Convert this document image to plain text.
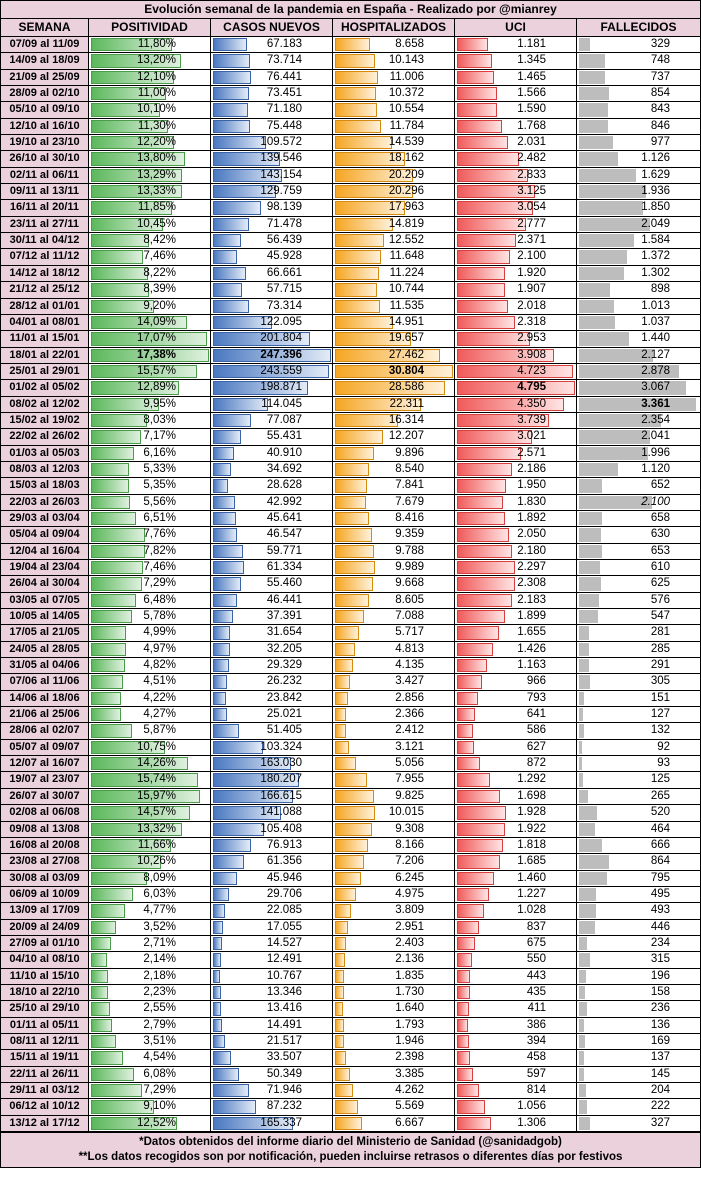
Evolución semanal de la pandemia en España - Realizado por @mianrey
SEMANA	POSITIVIDAD	CASOS NUEVOS	HOSPITALIZADOS	UCI	FALLECIDOS
07/09 al 11/09	11,80%	67.183	8.658	1.181	329
14/09 al 18/09	13,20%	73.714	10.143	1.345	748
21/09 al 25/09	12,10%	76.441	11.006	1.465	737
28/09 al 02/10	11,00%	73.451	10.372	1.566	854
05/10 al 09/10	10,10%	71.180	10.554	1.590	843
12/10 al 16/10	11,30%	75.448	11.784	1.768	846
19/10 al 23/10	12,20%	109.572	14.539	2.031	977
26/10 al 30/10	13,80%	139.546	18.162	2.482	1.126
02/11 al 06/11	13,29%	143.154	20.209	2.833	1.629
09/11 al 13/11	13,33%	129.759	20.296	3.125	1.936
16/11 al 20/11	11,85%	98.139	17.963	3.054	1.850
23/11 al 27/11	10,45%	71.478	14.819	2.777	2.049
30/11 al 04/12	8,42%	56.439	12.552	2.371	1.584
07/12 al 11/12	7,46%	45.928	11.648	2.100	1.372
14/12 al 18/12	8,22%	66.661	11.224	1.920	1.302
21/12 al 25/12	8,39%	57.715	10.744	1.907	898
28/12 al 01/01	9,20%	73.314	11.535	2.018	1.013
04/01 al 08/01	14,09%	122.095	14.951	2.318	1.037
11/01 al 15/01	17,07%	201.804	19.657	2.953	1.440
18/01 al 22/01	17,38%	247.396	27.462	3.908	2.127
25/01 al 29/01	15,57%	243.559	30.804	4.723	2.878
01/02 al 05/02	12,89%	198.871	28.586	4.795	3.067
08/02 al 12/02	9,95%	114.045	22.311	4.350	3.361
15/02 al 19/02	8,03%	77.087	16.314	3.739	2.354
22/02 al 26/02	7,17%	55.431	12.207	3.021	2.041
01/03 al 05/03	6,16%	40.910	9.896	2.571	1.996
08/03 al 12/03	5,33%	34.692	8.540	2.186	1.120
15/03 al 18/03	5,35%	28.628	7.841	1.950	652
22/03 al 26/03	5,56%	42.992	7.679	1.830	2.100
29/03 al 03/04	6,51%	45.641	8.416	1.892	658
05/04 al 09/04	7,76%	46.547	9.359	2.050	630
12/04 al 16/04	7,82%	59.771	9.788	2.180	653
19/04 al 23/04	7,46%	61.334	9.989	2.297	610
26/04 al 30/04	7,29%	55.460	9.668	2.308	625
03/05 al 07/05	6,48%	46.441	8.605	2.183	576
10/05 al 14/05	5,78%	37.391	7.088	1.899	547
17/05 al 21/05	4,99%	31.654	5.717	1.655	281
24/05 al 28/05	4,97%	32.205	4.813	1.426	285
31/05 al 04/06	4,82%	29.329	4.135	1.163	291
07/06 al 11/06	4,51%	26.232	3.427	966	305
14/06 al 18/06	4,22%	23.842	2.856	793	151
21/06 al 25/06	4,27%	25.021	2.366	641	127
28/06 al 02/07	5,87%	51.405	2.412	586	132
05/07 al 09/07	10,75%	103.324	3.121	627	92
12/07 al 16/07	14,26%	163.030	5.056	872	93
19/07 al 23/07	15,74%	180.207	7.955	1.292	125
26/07 al 30/07	15,97%	166.615	9.825	1.698	265
02/08 al 06/08	14,57%	141.088	10.015	1.928	520
09/08 al 13/08	13,32%	105.408	9.308	1.922	464
16/08 al 20/08	11,66%	76.913	8.166	1.818	666
23/08 al 27/08	10,26%	61.356	7.206	1.685	864
30/08 al 03/09	8,09%	45.946	6.245	1.460	795
06/09 al 10/09	6,03%	29.706	4.975	1.227	495
13/09 al 17/09	4,77%	22.085	3.809	1.028	493
20/09 al 24/09	3,52%	17.055	2.951	837	446
27/09 al 01/10	2,71%	14.527	2.403	675	234
04/10 al 08/10	2,14%	12.491	2.136	550	315
11/10 al 15/10	2,18%	10.767	1.835	443	196
18/10 al 22/10	2,23%	13.346	1.730	435	158
25/10 al 29/10	2,55%	13.416	1.640	411	236
01/11 al 05/11	2,79%	14.491	1.793	386	136
08/11 al 12/11	3,51%	21.517	1.946	394	169
15/11 al 19/11	4,54%	33.507	2.398	458	137
22/11 al 26/11	6,08%	50.349	3.385	597	145
29/11 al 03/12	7,29%	71.946	4.262	814	204
06/12 al 10/12	9,10%	87.232	5.569	1.056	222
13/12 al 17/12	12,52%	165.337	6.667	1.306	327
*Datos obtenidos del informe diario del Ministerio de Sanidad (@sanidadgob)
**Los datos recogidos son por notificación, pueden incluirse retrasos o diferentes días por festivos
